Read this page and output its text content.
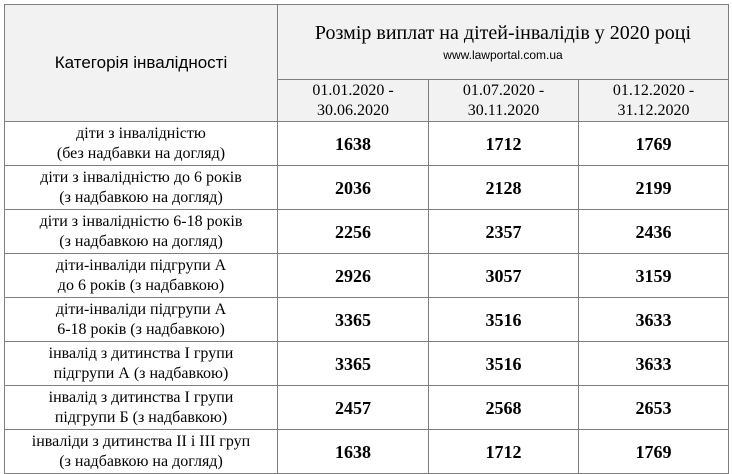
Категорія інвалідності	Розмір виплат на дітей-інвалідів у 2020 році
www.lawportal.com.ua		

	01.01.2020 -
30.06.2020	01.07.2020 -
30.11.2020	01.12.2020 -
31.12.2020

діти з інвалідністю
(без надбавки на догляд)	1638	1712	1769

діти з інвалідністю до 6 років
(з надбавкою на догляд)	2036	2128	2199

діти з інвалідністю 6-18 років
(з надбавкою на догляд)	2256	2357	2436

діти-інваліди підгрупи А
до 6 років (з надбавкою)	2926	3057	3159

діти-інваліди підгрупи А
6-18 років (з надбавкою)	3365	3516	3633

інвалід з дитинства І групи
підгрупи А (з надбавкою)	3365	3516	3633

інвалід з дитинства І групи
підгрупи Б (з надбавкою)	2457	2568	2653

інваліди з дитинства ІІ і ІІІ груп
(з надбавкою на догляд)	1638	1712	1769
